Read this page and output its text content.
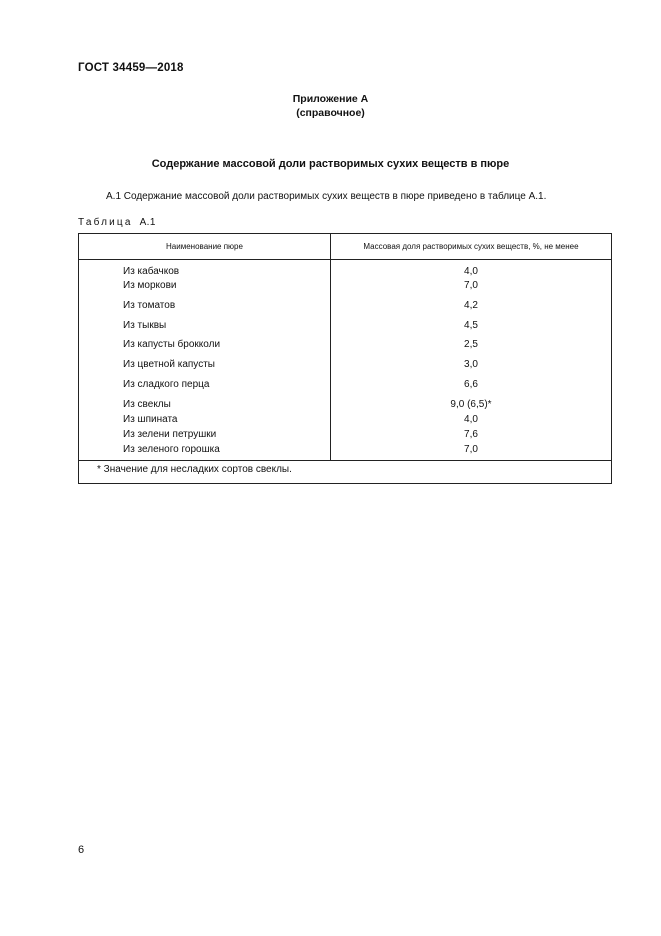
ГОСТ 34459—2018
Приложение А
(справочное)
Содержание массовой доли растворимых сухих веществ в пюре
А.1 Содержание массовой доли растворимых сухих веществ в пюре приведено в таблице А.1.
Таблица А.1
Наименование пюре	Массовая доля растворимых сухих веществ, %, не менее
Из кабачков	4,0
Из моркови	7,0
Из томатов	4,2
Из тыквы	4,5
Из капусты брокколи	2,5
Из цветной капусты	3,0
Из сладкого перца	6,6
Из свеклы	9,0 (6,5)*
Из шпината	4,0
Из зелени петрушки	7,6
Из зеленого горошка	7,0
* Значение для несладких сортов свеклы.	
6
